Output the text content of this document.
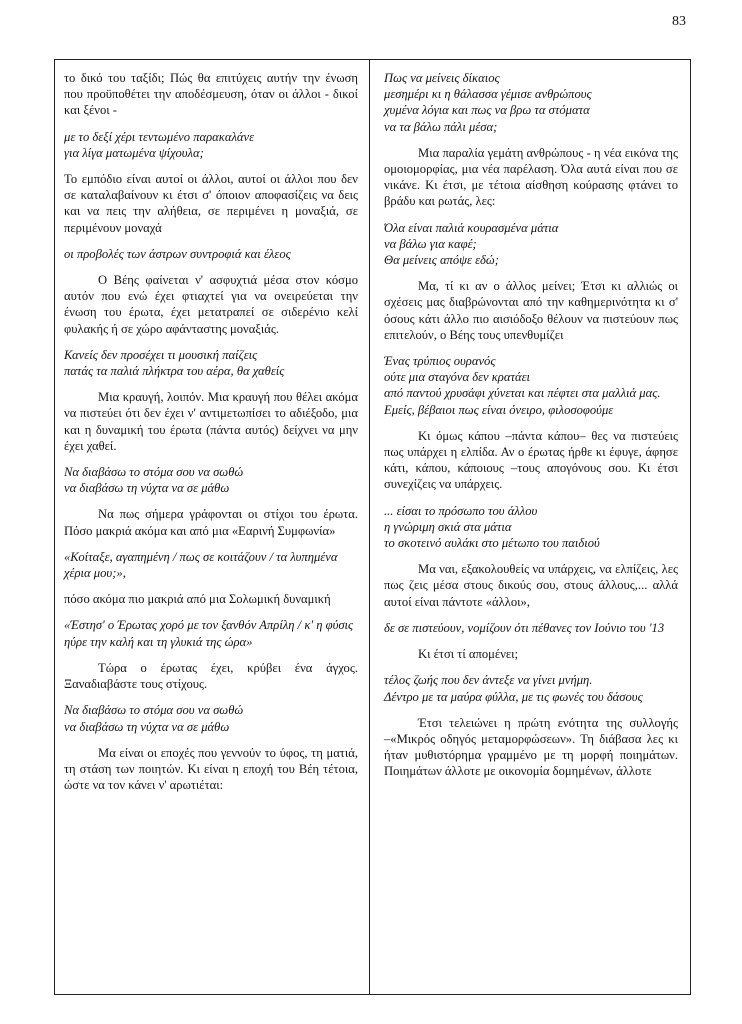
83
το δικό του ταξίδι; Πώς θα επιτύχεις αυτήν την ένωση που προϋποθέτει την αποδέσμευση, όταν οι άλλοι - δικοί και ξένοι -
με το δεξί χέρι τεντωμένο παρακαλάνε
για λίγα ματωμένα ψίχουλα;
Το εμπόδιο είναι αυτοί οι άλλοι, αυτοί οι άλλοι που δεν σε καταλαβαίνουν κι έτσι σ' όποιον αποφασίζεις να δεις και να πεις την αλήθεια, σε περιμένει η μοναξιά, σε περιμένουν μοναχά
οι προβολές των άστρων συντροφιά και έλεος
Ο Βέης φαίνεται ν' ασφυχτιά μέσα στον κόσμο αυτόν που ενώ έχει φτιαχτεί για να ονειρεύεται την ένωση του έρωτα, έχει μετατραπεί σε σιδερένιο κελί φυλακής ή σε χώρο αφάνταστης μοναξιάς.
Κανείς δεν προσέχει τι μουσική παίζεις
πατάς τα παλιά πλήκτρα του αέρα, θα χαθείς
Μια κραυγή, λοιπόν. Μια κραυγή που θέλει ακόμα να πιστεύει ότι δεν έχει ν' αντιμετωπίσει το αδιέξοδο, μια και η δυναμική του έρωτα (πάντα αυτός) δείχνει να μην έχει χαθεί.
Να διαβάσω το στόμα σου να σωθώ
να διαβάσω τη νύχτα να σε μάθω
Να πως σήμερα γράφονται οι στίχοι του έρωτα. Πόσο μακριά ακόμα και από μια «Εαρινή Συμφωνία»
«Κοίταξε, αγαπημένη / πως σε κοιτάζουν / τα λυπημένα χέρια μου;»,
πόσο ακόμα πιο μακριά από μια Σολωμική δυναμική
«Έστησ' ο Έρωτας χορό με τον ξανθόν Απρίλη / κ' η φύσις ηύρε την καλή και τη γλυκιά της ώρα»
Τώρα ο έρωτας έχει, κρύβει ένα άγχος. Ξαναδιαβάστε τους στίχους.
Να διαβάσω το στόμα σου να σωθώ
να διαβάσω τη νύχτα να σε μάθω
Μα είναι οι εποχές που γεννούν το ύφος, τη ματιά, τη στάση των ποιητών. Κι είναι η εποχή του Βέη τέτοια, ώστε να τον κάνει ν' αρωτιέται:
Πως να μείνεις δίκαιος
μεσημέρι κι η θάλασσα γέμισε ανθρώπους
χυμένα λόγια και πως να βρω τα στόματα
να τα βάλω πάλι μέσα;
Μια παραλία γεμάτη ανθρώπους - η νέα εικόνα της ομοιομορφίας, μια νέα παρέλαση. Όλα αυτά είναι που σε νικάνε. Κι έτσι, με τέτοια αίσθηση κούρασης φτάνει το βράδυ και ρωτάς, λες:
Όλα είναι παλιά κουρασμένα μάτια
να βάλω για καφέ;
Θα μείνεις απόψε εδώ;
Μα, τί κι αν ο άλλος μείνει; Έτσι κι αλλιώς οι σχέσεις μας διαβρώνονται από την καθημερινότητα κι σ' όσους κάτι άλλο πιο αισιόδοξο θέλουν να πιστεύουν πως επιτελούν, ο Βέης τους υπενθυμίζει
Ένας τρύπιος ουρανός
ούτε μια σταγόνα δεν κρατάει
από παντού χρυσάφι χύνεται και πέφτει στα μαλλιά μας.
Εμείς, βέβαιοι πως είναι όνειρο, φιλοσοφούμε
Κι όμως κάπου –πάντα κάπου– θες να πιστεύεις πως υπάρχει η ελπίδα. Αν ο έρωτας ήρθε κι έφυγε, άφησε κάτι, κάπου, κάποιους –τους απογόνους σου. Κι έτσι συνεχίζεις να υπάρχεις.
... είσαι το πρόσωπο του άλλου
η γνώριμη σκιά στα μάτια
το σκοτεινό αυλάκι στο μέτωπο του παιδιού
Μα ναι, εξακολουθείς να υπάρχεις, να ελπίζεις, λες πως ζεις μέσα στους δικούς σου, στους άλλους,... αλλά αυτοί είναι πάντοτε «άλλοι»,
δε σε πιστεύουν, νομίζουν ότι πέθανες τον Ιούνιο του '13
Κι έτσι τί απομένει;
τέλος ζωής που δεν άντεξε να γίνει μνήμη.
Δέντρο με τα μαύρα φύλλα, με τις φωνές του δάσους
Έτσι τελειώνει η πρώτη ενότητα της συλλογής –«Μικρός οδηγός μεταμορφώσεων». Τη διάβασα λες κι ήταν μυθιστόρημα γραμμένο με τη μορφή ποιημάτων. Ποιημάτων άλλοτε με οικονομία δομημένων, άλλοτε
